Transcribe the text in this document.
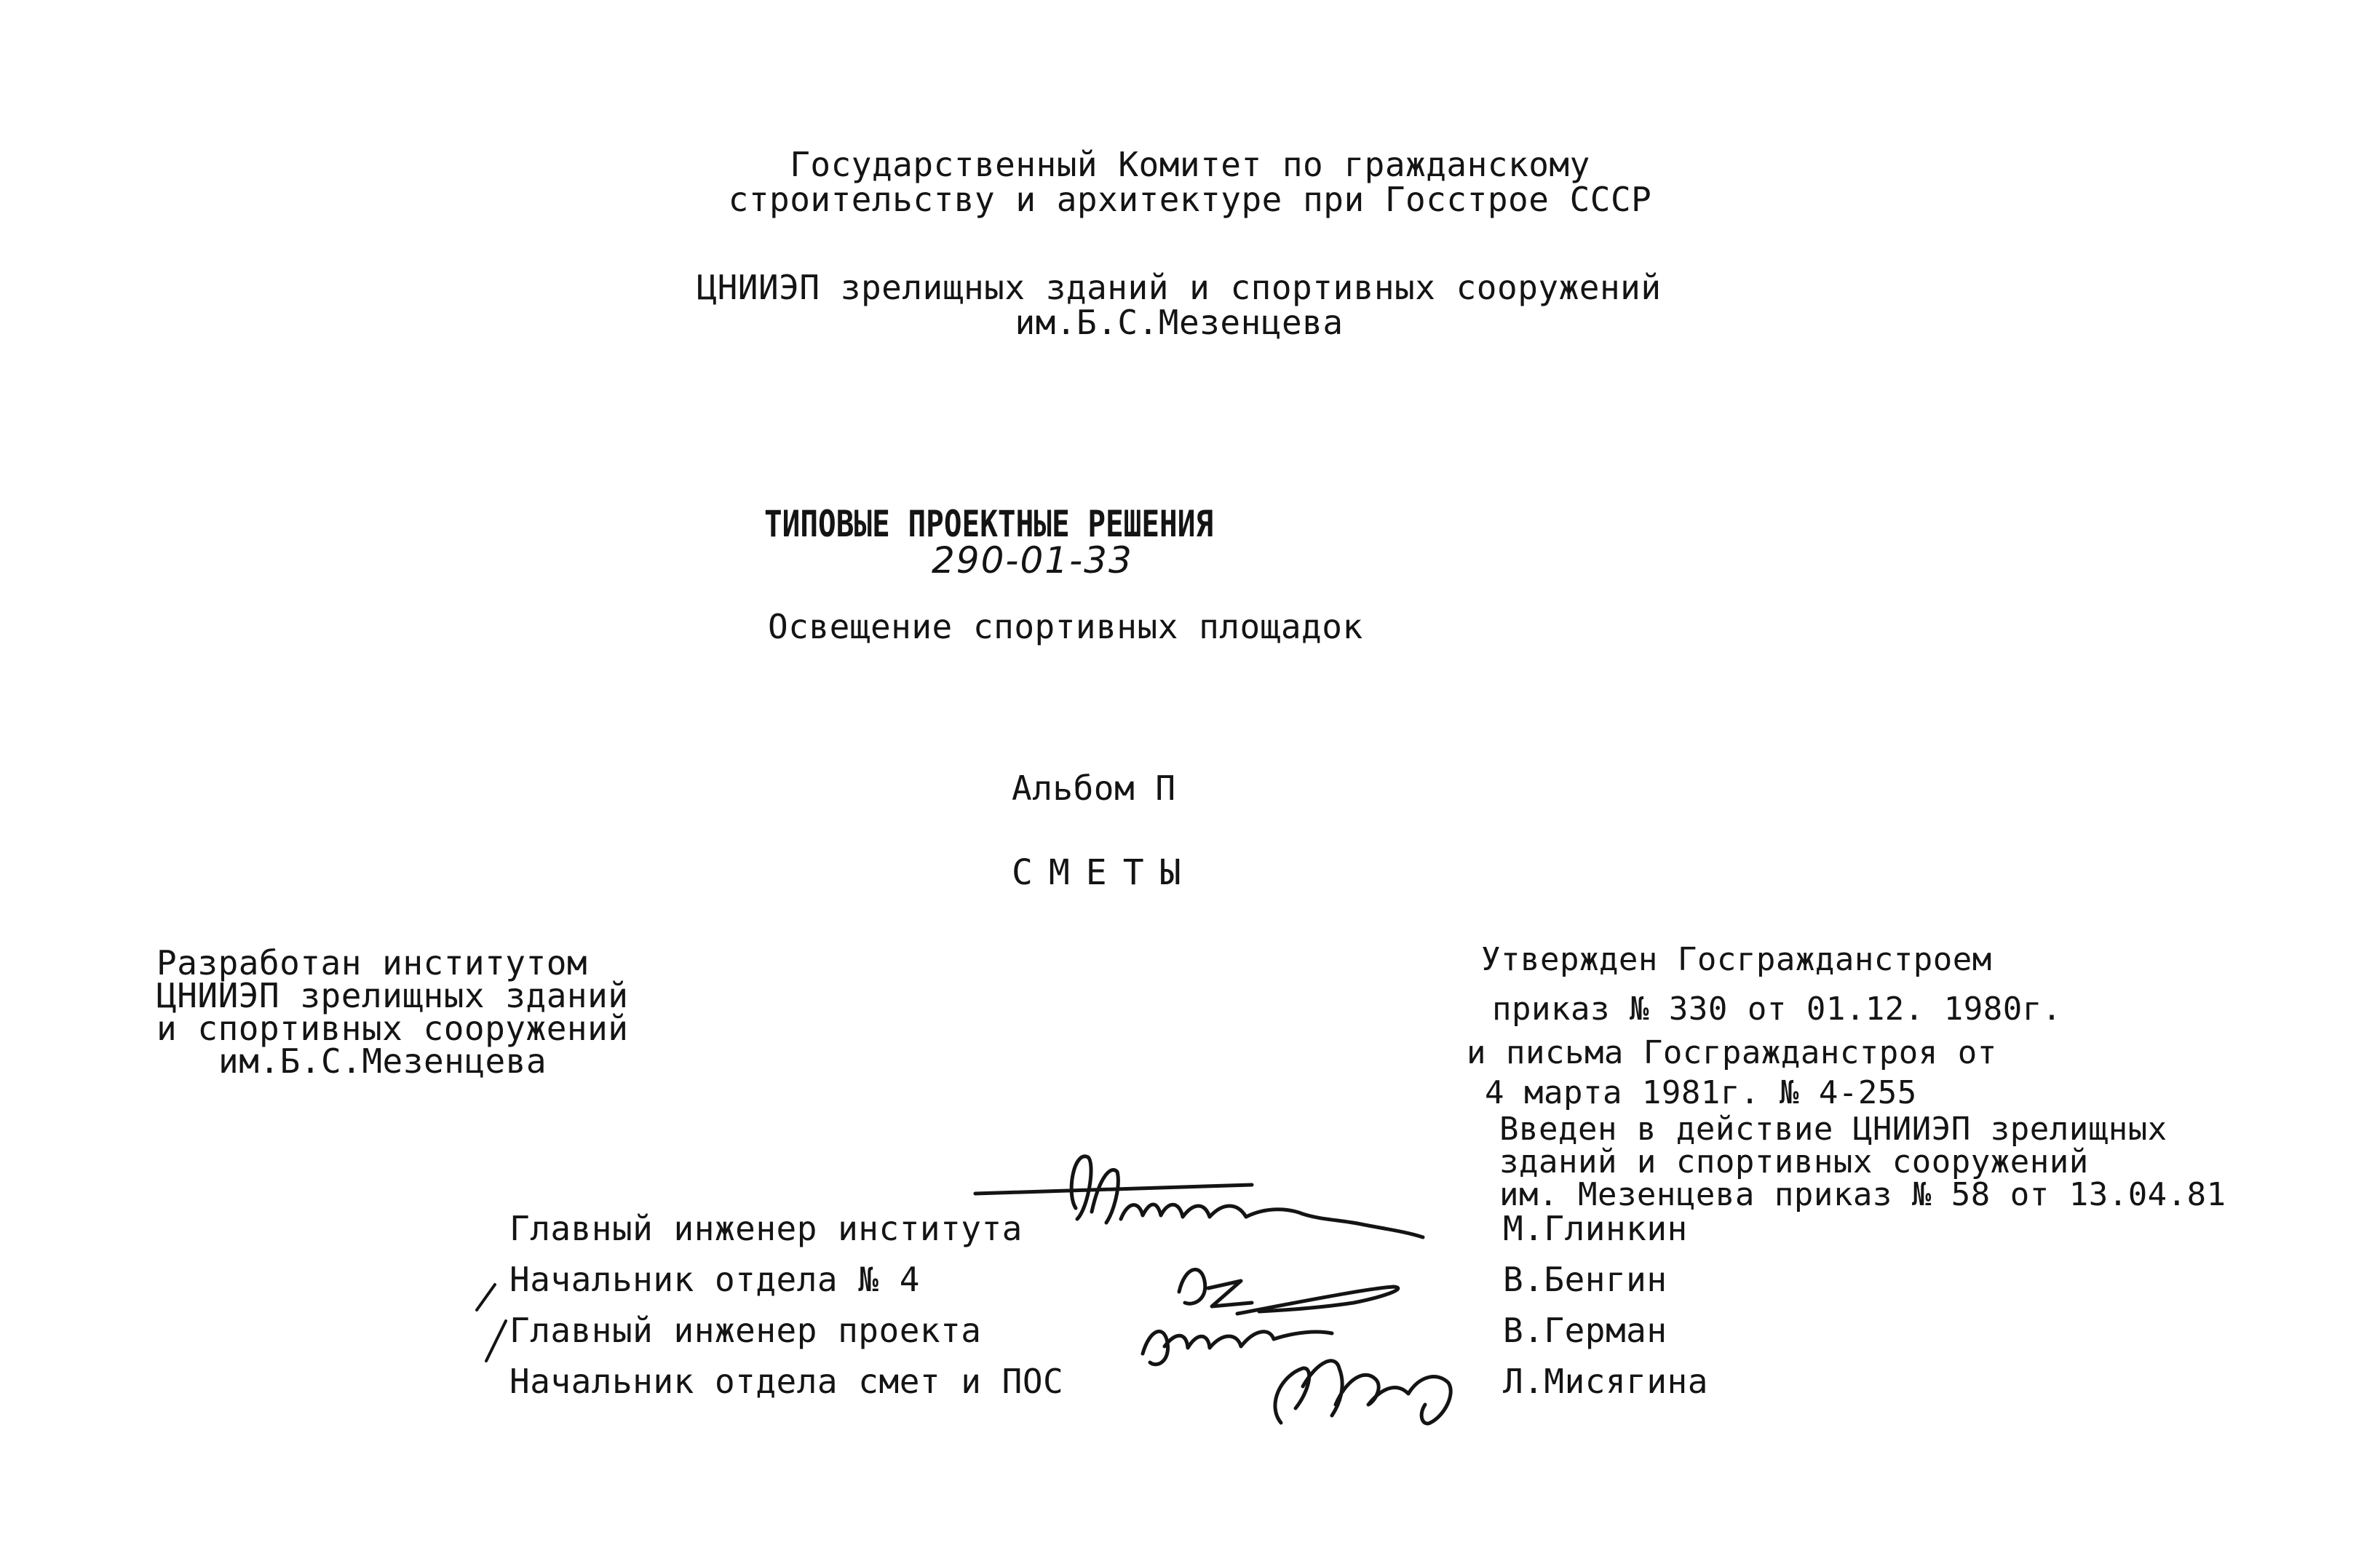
Государственный Комитет по гражданскому
строительству и архитектуре при Госстрое СССР
ЦНИИЭП зрелищных зданий и спортивных сооружений
им.Б.С.Мезенцева
ТИПОВЫЕ ПРОЕКТНЫЕ РЕШЕНИЯ
290-01-33
Освещение спортивных площадок
Альбом П
СМЕТЫ
Разработан институтом
ЦНИИЭП зрелищных зданий
и спортивных сооружений
им.Б.С.Мезенцева
Утвержден Госгражданстроем
приказ № 330 от 01.12. 1980г.
и письма Госгражданстроя от
4 марта 1981г. № 4-255
Введен в действие ЦНИИЭП зрелищных
зданий и спортивных сооружений
им. Мезенцева приказ № 58 от 13.04.81
Главный инженер института	М.Глинкин
Начальник отдела № 4	В.Бенгин
Главный инженер проекта	В.Герман
Начальник отдела смет и ПОС	Л.Мисягина
